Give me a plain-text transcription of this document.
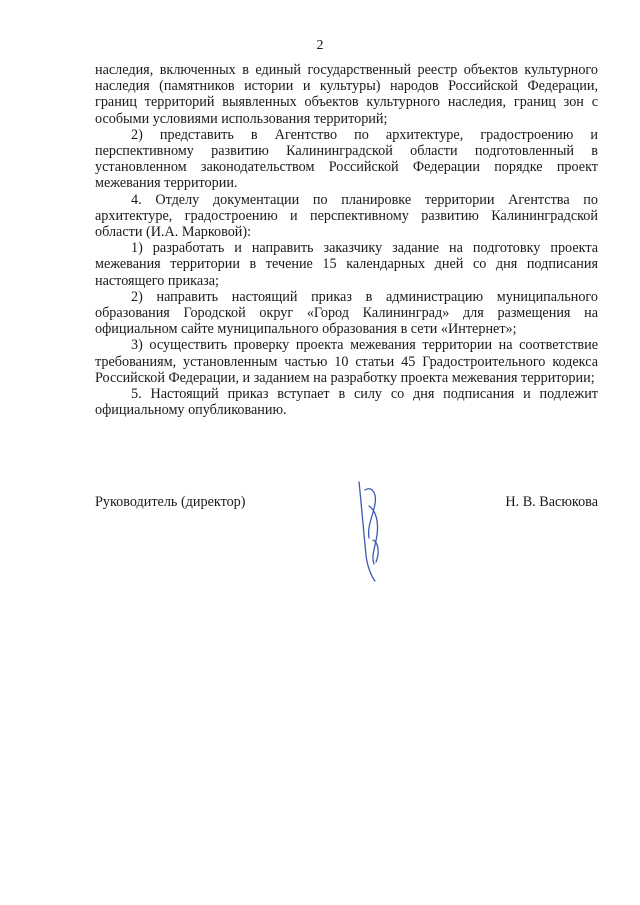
2

наследия, включенных в единый государственный реестр объектов культурного наследия (памятников истории и культуры) народов Российской Федерации, границ территорий выявленных объектов культурного наследия, границ зон с особыми условиями использования территорий;

2) представить в Агентство по архитектуре, градостроению и перспективному развитию Калининградской области подготовленный в установленном законодательством Российской Федерации порядке проект межевания территории.

4. Отделу документации по планировке территории Агентства по архитектуре, градостроению и перспективному развитию Калининградской области (И.А. Марковой):

1) разработать и направить заказчику задание на подготовку проекта межевания территории в течение 15 календарных дней со дня подписания настоящего приказа;

2) направить настоящий приказ в администрацию муниципального образования Городской округ «Город Калининград» для размещения на официальном сайте муниципального образования в сети «Интернет»;

3) осуществить проверку проекта межевания территории на соответствие требованиям, установленным частью 10 статьи 45 Градостроительного кодекса Российской Федерации, и заданием на разработку проекта межевания территории;

5. Настоящий приказ вступает в силу со дня подписания и подлежит официальному опубликованию.

Руководитель (директор)	Н. В. Васюкова
